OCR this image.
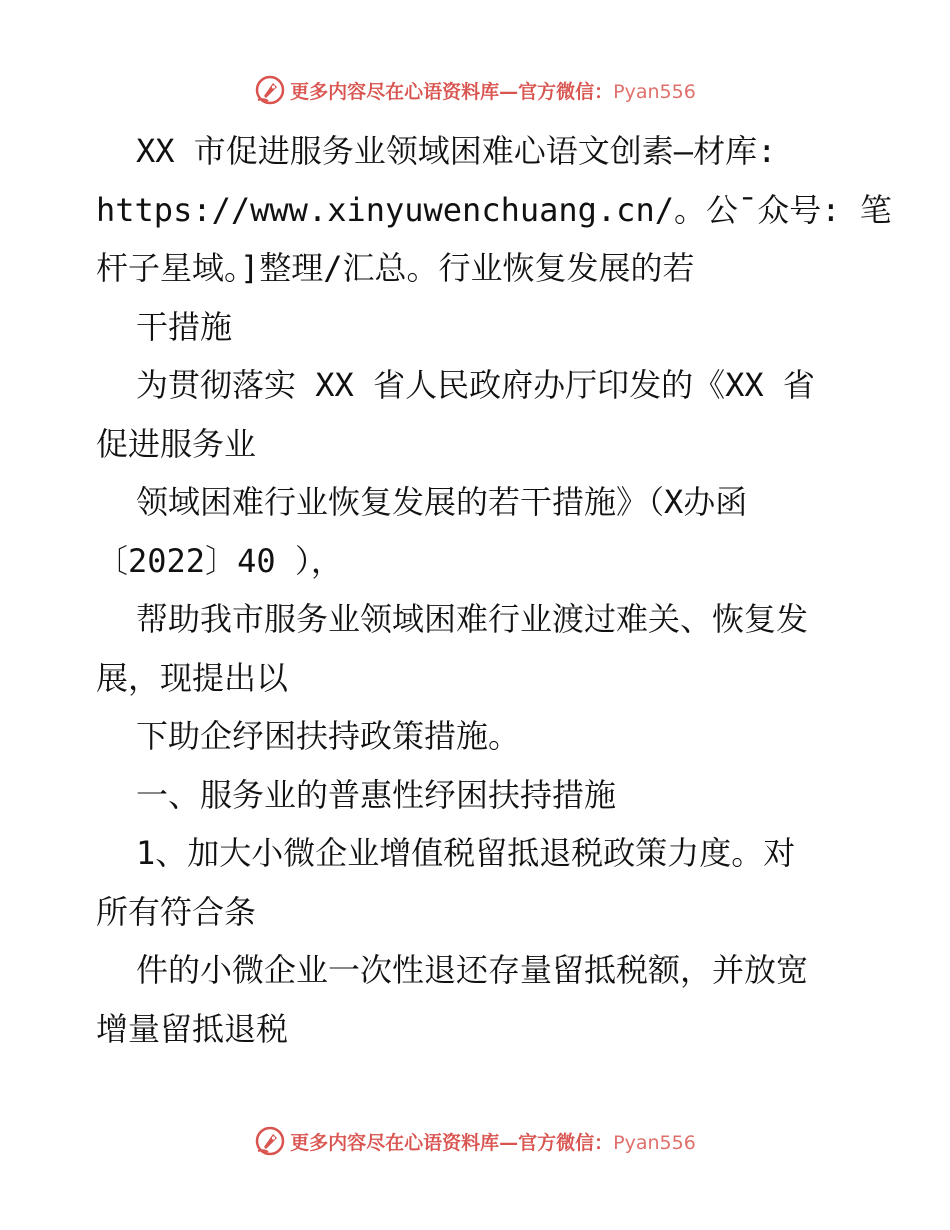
更多内容尽在心语资料库—官方微信：Pyan556
XX 市促进服务业领域困难心语文创素—材库:
https://www.xinyuwenchuang.cn/。公¯众号: 笔
杆子星域。]整理/汇总。行业恢复发展的若
干措施
为贯彻落实 XX 省人民政府办厅印发的《XX 省
促进服务业
领域困难行业恢复发展的若干措施》（X办函
〔2022〕40 ），
帮助我市服务业领域困难行业渡过难关、恢复发
展，现提出以
下助企纾困扶持政策措施。
一、服务业的普惠性纾困扶持措施
1、加大小微企业增值税留抵退税政策力度。对
所有符合条
件的小微企业一次性退还存量留抵税额，并放宽
增量留抵退税
更多内容尽在心语资料库—官方微信：Pyan556
